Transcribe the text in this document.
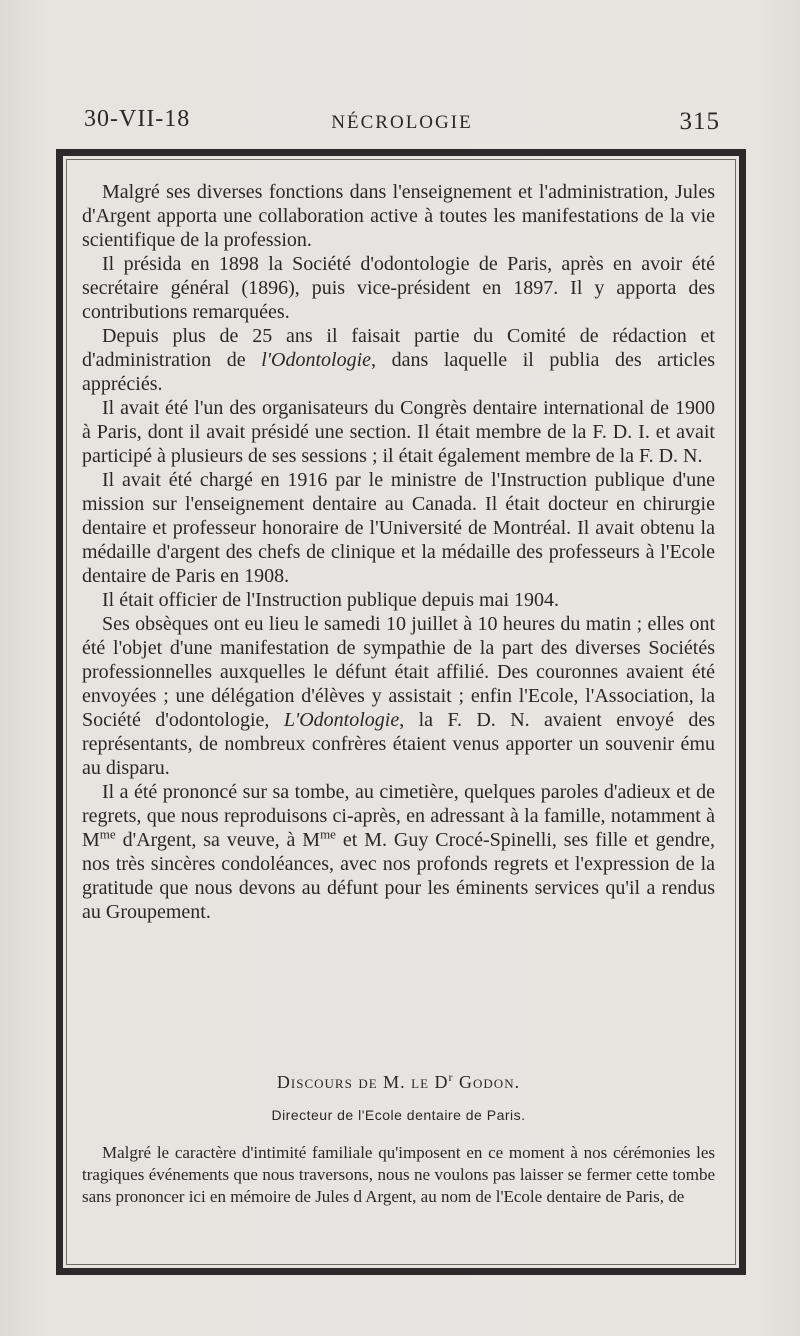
30-VII-18	NÉCROLOGIE	315

Malgré ses diverses fonctions dans l'enseignement et l'administration, Jules d'Argent apporta une collaboration active à toutes les manifestations de la vie scientifique de la profession.

Il présida en 1898 la Société d'odontologie de Paris, après en avoir été secrétaire général (1896), puis vice-président en 1897. Il y apporta des contributions remarquées.

Depuis plus de 25 ans il faisait partie du Comité de rédaction et d'administration de l'Odontologie, dans laquelle il publia des articles appréciés.

Il avait été l'un des organisateurs du Congrès dentaire international de 1900 à Paris, dont il avait présidé une section. Il était membre de la F. D. I. et avait participé à plusieurs de ses sessions ; il était également membre de la F. D. N.

Il avait été chargé en 1916 par le ministre de l'Instruction publique d'une mission sur l'enseignement dentaire au Canada. Il était docteur en chirurgie dentaire et professeur honoraire de l'Université de Montréal. Il avait obtenu la médaille d'argent des chefs de clinique et la médaille des professeurs à l'Ecole dentaire de Paris en 1908.

Il était officier de l'Instruction publique depuis mai 1904.

Ses obsèques ont eu lieu le samedi 10 juillet à 10 heures du matin ; elles ont été l'objet d'une manifestation de sympathie de la part des diverses Sociétés professionnelles auxquelles le défunt était affilié. Des couronnes avaient été envoyées ; une délégation d'élèves y assistait ; enfin l'Ecole, l'Association, la Société d'odontologie, L'Odontologie, la F. D. N. avaient envoyé des représentants, de nombreux confrères étaient venus apporter un souvenir ému au disparu.

Il a été prononcé sur sa tombe, au cimetière, quelques paroles d'adieux et de regrets, que nous reproduisons ci-après, en adressant à la famille, notamment à $M^{me}$ d'Argent, sa veuve, à $M^{me}$ et M. Guy Crocé-Spinelli, ses fille et gendre, nos très sincères condoléances, avec nos profonds regrets et l'expression de la gratitude que nous devons au défunt pour les éminents services qu'il a rendus au Groupement.

Discours de M. le $D^r$ Godon.
Directeur de l'Ecole dentaire de Paris.

Malgré le caractère d'intimité familiale qu'imposent en ce moment à nos cérémonies les tragiques événements que nous traversons, nous ne voulons pas laisser se fermer cette tombe sans prononcer ici en mémoire de Jules d Argent, au nom de l'Ecole dentaire de Paris, de
